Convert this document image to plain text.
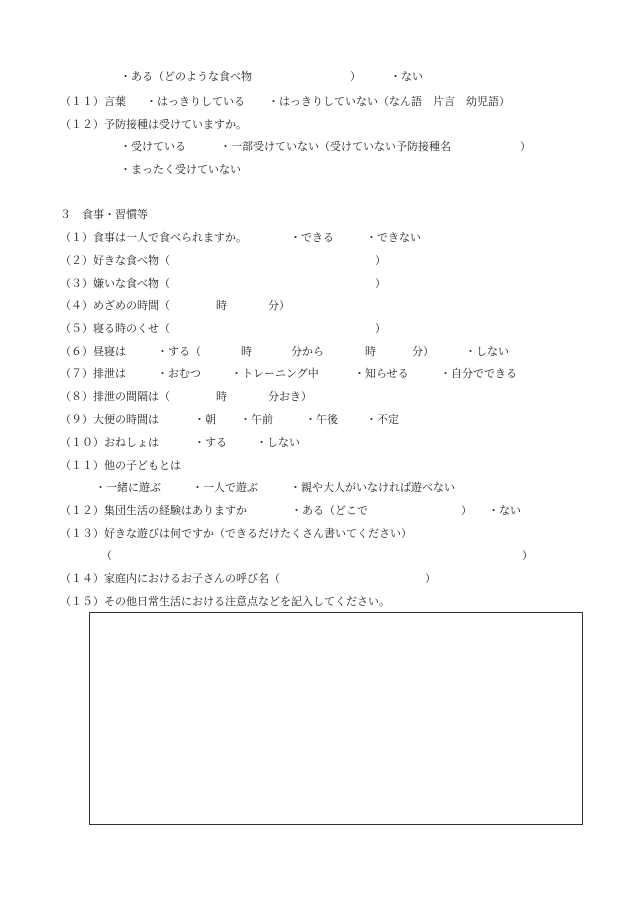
・ある（どのような食べ物	）	・ない
（１１）言葉 ・はっきりしている ・はっきりしていない（なん語　片言　幼児語）
（１２）予防接種は受けていますか。
・受けている	・一部受けていない（受けていない予防接種名	）
・まったく受けていない
３　食事・習慣等
（１）食事は一人で食べられますか。	・できる	・できない
（２）好きな食べ物（	）
（３）嫌いな食べ物（	）
（４）めざめの時間（	時	分）
（５）寝る時のくせ（	）
（６）昼寝は	・する（	時	分から	時	分）	・しない
（７）排泄は	・おむつ	・トレーニング中	・知らせる	・自分でできる
（８）排泄の間隔は（	時	分おき）
（９）大便の時間は	・朝 ・午前	・午後	・不定
（１０）おねしょは	・する	・しない
（１１）他の子どもとは
・一緒に遊ぶ	・一人で遊ぶ	・親や大人がいなければ遊べない
（１２）集団生活の経験はありますか	・ある（どこで	） ・ない
（１３）好きな遊びは何ですか（できるだけたくさん書いてください）
（	）
（１４）家庭内におけるお子さんの呼び名（	）
（１５）その他日常生活における注意点などを記入してください。
